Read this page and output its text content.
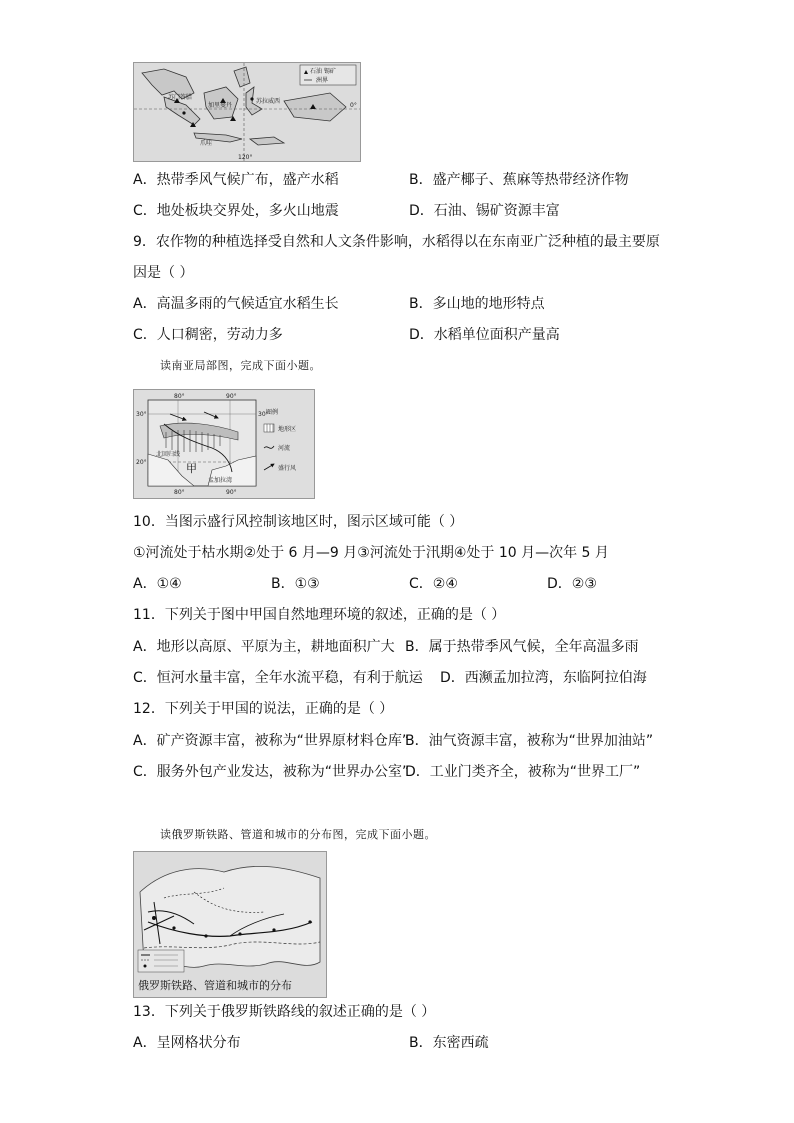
石油 锡矿
洲界
苏门答腊
加里曼丹
爪哇
苏拉威西
0°
120°
A．热带季风气候广布，盛产水稻	B．盛产椰子、蕉麻等热带经济作物
C．地处板块交界处，多火山地震	D．石油、锡矿资源丰富
9．农作物的种植选择受自然和人文条件影响，水稻得以在东南亚广泛种植的最主要原
因是（ ）
A．高温多雨的气候适宜水稻生长	B．多山地的地形特点
C．人口稠密，劳动力多	D．水稻单位面积产量高
读南亚局部图，完成下面小题。
80°	90°
30°	30°
20°
80°	90°
北回归线
甲
孟加拉湾
图例
地形区
河流
盛行风
10．当图示盛行风控制该地区时，图示区域可能（ ）
①河流处于枯水期②处于 6 月—9 月③河流处于汛期④处于 10 月—次年 5 月
A．①④	B．①③	C．②④	D．②③
11．下列关于图中甲国自然地理环境的叙述，正确的是（ ）
A．地形以高原、平原为主，耕地面积广大 B．属于热带季风气候，全年高温多雨
C．恒河水量丰富，全年水流平稳，有利于航运 D．西濒孟加拉湾，东临阿拉伯海
12．下列关于甲国的说法，正确的是（ ）
A．矿产资源丰富，被称为“世界原材料仓库”
B．油气资源丰富，被称为“世界加油站”
C．服务外包产业发达，被称为“世界办公室”
D．工业门类齐全，被称为“世界工厂”
读俄罗斯铁路、管道和城市的分布图，完成下面小题。
俄罗斯铁路、管道和城市的分布
13．下列关于俄罗斯铁路线的叙述正确的是（ ）
A．呈网格状分布	B．东密西疏
